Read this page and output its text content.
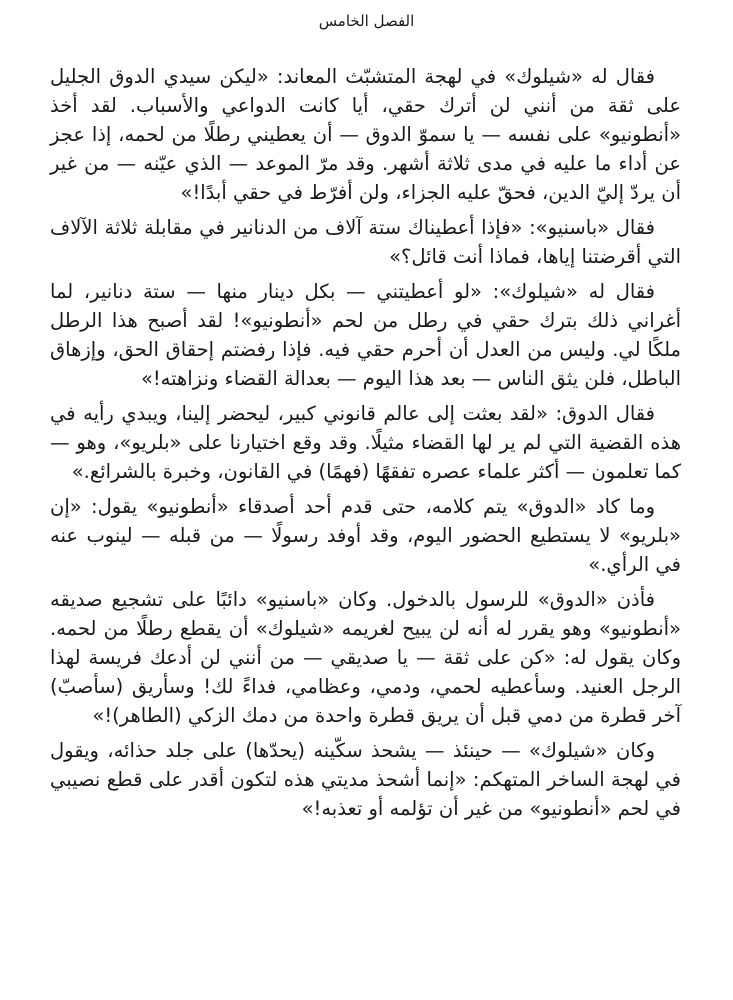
الفصل الخامس

فقال له «شيلوك» في لهجة المتشبّث المعاند: «ليكن سيدي الدوق الجليل على ثقة من أنني لن أترك حقي، أيا كانت الدواعي والأسباب. لقد أخذ «أنطونيو» على نفسه — يا سموّ الدوق — أن يعطيني رطلًا من لحمه، إذا عجز عن أداء ما عليه في مدى ثلاثة أشهر. وقد مرّ الموعد — الذي عيّنه — من غير أن يردّ إليّ الدين، فحقّ عليه الجزاء، ولن أفرّط في حقي أبدًا!»

فقال «باسنيو»: «فإذا أعطيناك ستة آلاف من الدنانير في مقابلة ثلاثة الآلاف التي أقرضتنا إياها، فماذا أنت قائل؟»

فقال له «شيلوك»: «لو أعطيتني — بكل دينار منها — ستة دنانير، لما أغراني ذلك بترك حقي في رطل من لحم «أنطونيو»! لقد أصبح هذا الرطل ملكًا لي. وليس من العدل أن أحرم حقي فيه. فإذا رفضتم إحقاق الحق، وإزهاق الباطل، فلن يثق الناس — بعد هذا اليوم — بعدالة القضاء ونزاهته!»

فقال الدوق: «لقد بعثت إلى عالم قانوني كبير، ليحضر إلينا، ويبدي رأيه في هذه القضية التي لم ير لها القضاء مثيلًا. وقد وقع اختيارنا على «بلريو»، وهو — كما تعلمون — أكثر علماء عصره تفقهًا (فهمًا) في القانون، وخبرة بالشرائع.»

وما كاد «الدوق» يتم كلامه، حتى قدم أحد أصدقاء «أنطونيو» يقول: «إن «بلريو» لا يستطيع الحضور اليوم، وقد أوفد رسولًا — من قبله — لينوب عنه في الرأي.»

فأذن «الدوق» للرسول بالدخول. وكان «باسنيو» دائبًا على تشجيع صديقه «أنطونيو» وهو يقرر له أنه لن يبيح لغريمه «شيلوك» أن يقطع رطلًا من لحمه. وكان يقول له: «كن على ثقة — يا صديقي — من أنني لن أدعك فريسة لهذا الرجل العنيد. وسأعطيه لحمي، ودمي، وعظامي، فداءً لك! وسأريق (سأصبّ) آخر قطرة من دمي قبل أن يريق قطرة واحدة من دمك الزكي (الطاهر)!»

وكان «شيلوك» — حينئذ — يشحذ سكّينه (يحدّها) على جلد حذائه، ويقول في لهجة الساخر المتهكم: «إنما أشحذ مديتي هذه لتكون أقدر على قطع نصيبي في لحم «أنطونيو» من غير أن تؤلمه أو تعذبه!»
